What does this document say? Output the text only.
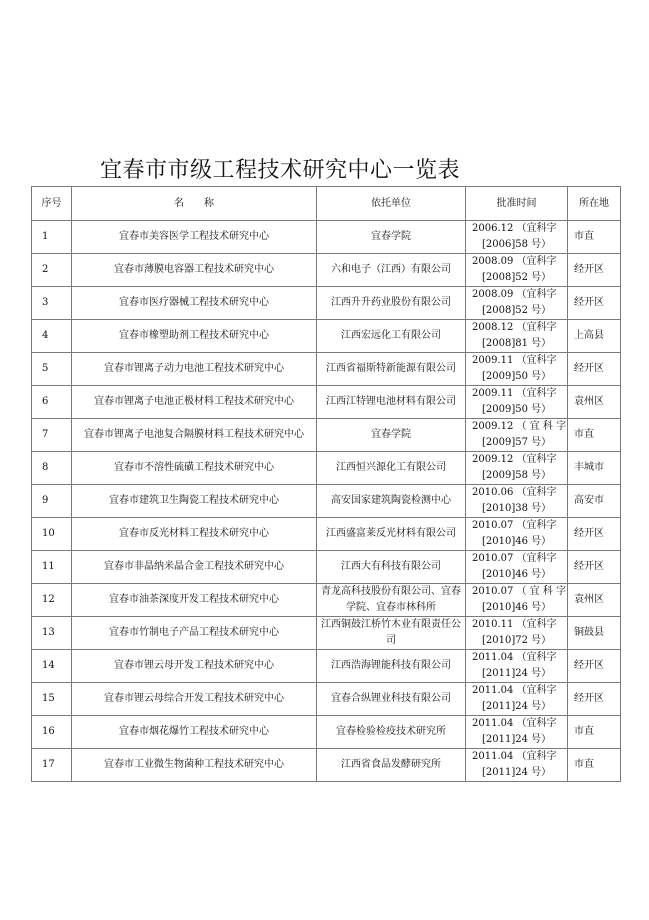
宜春市市级工程技术研究中心一览表
序号	名　　称	依托单位	批准时间	所在地
1	宜春市美容医学工程技术研究中心	宜春学院	2006.12 （宜科字
[2006]58 号）	市直
2	宜春市薄膜电容器工程技术研究中心	六和电子（江西）有限公司	2008.09 （宜科字
[2008]52 号）	经开区
3	宜春市医疗器械工程技术研究中心	江西升升药业股份有限公司	2008.09 （宜科字
[2008]52 号）	经开区
4	宜春市橡塑助剂工程技术研究中心	江西宏远化工有限公司	2008.12 （宜科字
[2008]81 号）	上高县
5	宜春市锂离子动力电池工程技术研究中心	江西省福斯特新能源有限公司	2009.11 （宜科字
[2009]50 号）	经开区
6	宜春市锂离子电池正极材料工程技术研究中心	江西江特锂电池材料有限公司	2009.11 （宜科字
[2009]50 号）	袁州区
7	宜春市锂离子电池复合隔膜材料工程技术研究中心	宜春学院	2009.12 （ 宜 科 字
[2009]57 号）	市直
8	宜春市不溶性硫磺工程技术研究中心	江西恒兴源化工有限公司	2009.12 （宜科字
[2009]58 号）	丰城市
9	宜春市建筑卫生陶瓷工程技术研究中心	高安国家建筑陶瓷检测中心	2010.06 （宜科字
[2010]38 号）	高安市
10	宜春市反光材料工程技术研究中心	江西盛富莱反光材料有限公司	2010.07 （宜科字
[2010]46 号）	经开区
11	宜春市非晶纳米晶合金工程技术研究中心	江西大有科技有限公司	2010.07 （宜科字
[2010]46 号）	经开区
12	宜春市油茶深度开发工程技术研究中心	青龙高科技股份有限公司、宜春学院、宜春市林科所	2010.07 （ 宜 科 字
[2010]46 号）	袁州区
13	宜春市竹制电子产品工程技术研究中心	江西铜鼓江桥竹木业有限责任公司	2010.11 （宜科字
[2010]72 号）	铜鼓县
14	宜春市锂云母开发工程技术研究中心	江西浩海锂能科技有限公司	2011.04 （宜科字
[2011]24 号）	经开区
15	宜春市锂云母综合开发工程技术研究中心	宜春合纵锂业科技有限公司	2011.04 （宜科字
[2011]24 号）	经开区
16	宜春市烟花爆竹工程技术研究中心	宜春检验检疫技术研究所	2011.04 （宜科字
[2011]24 号）	市直
17	宜春市工业微生物菌种工程技术研究中心	江西省食品发酵研究所	2011.04 （宜科字
[2011]24 号）	市直
